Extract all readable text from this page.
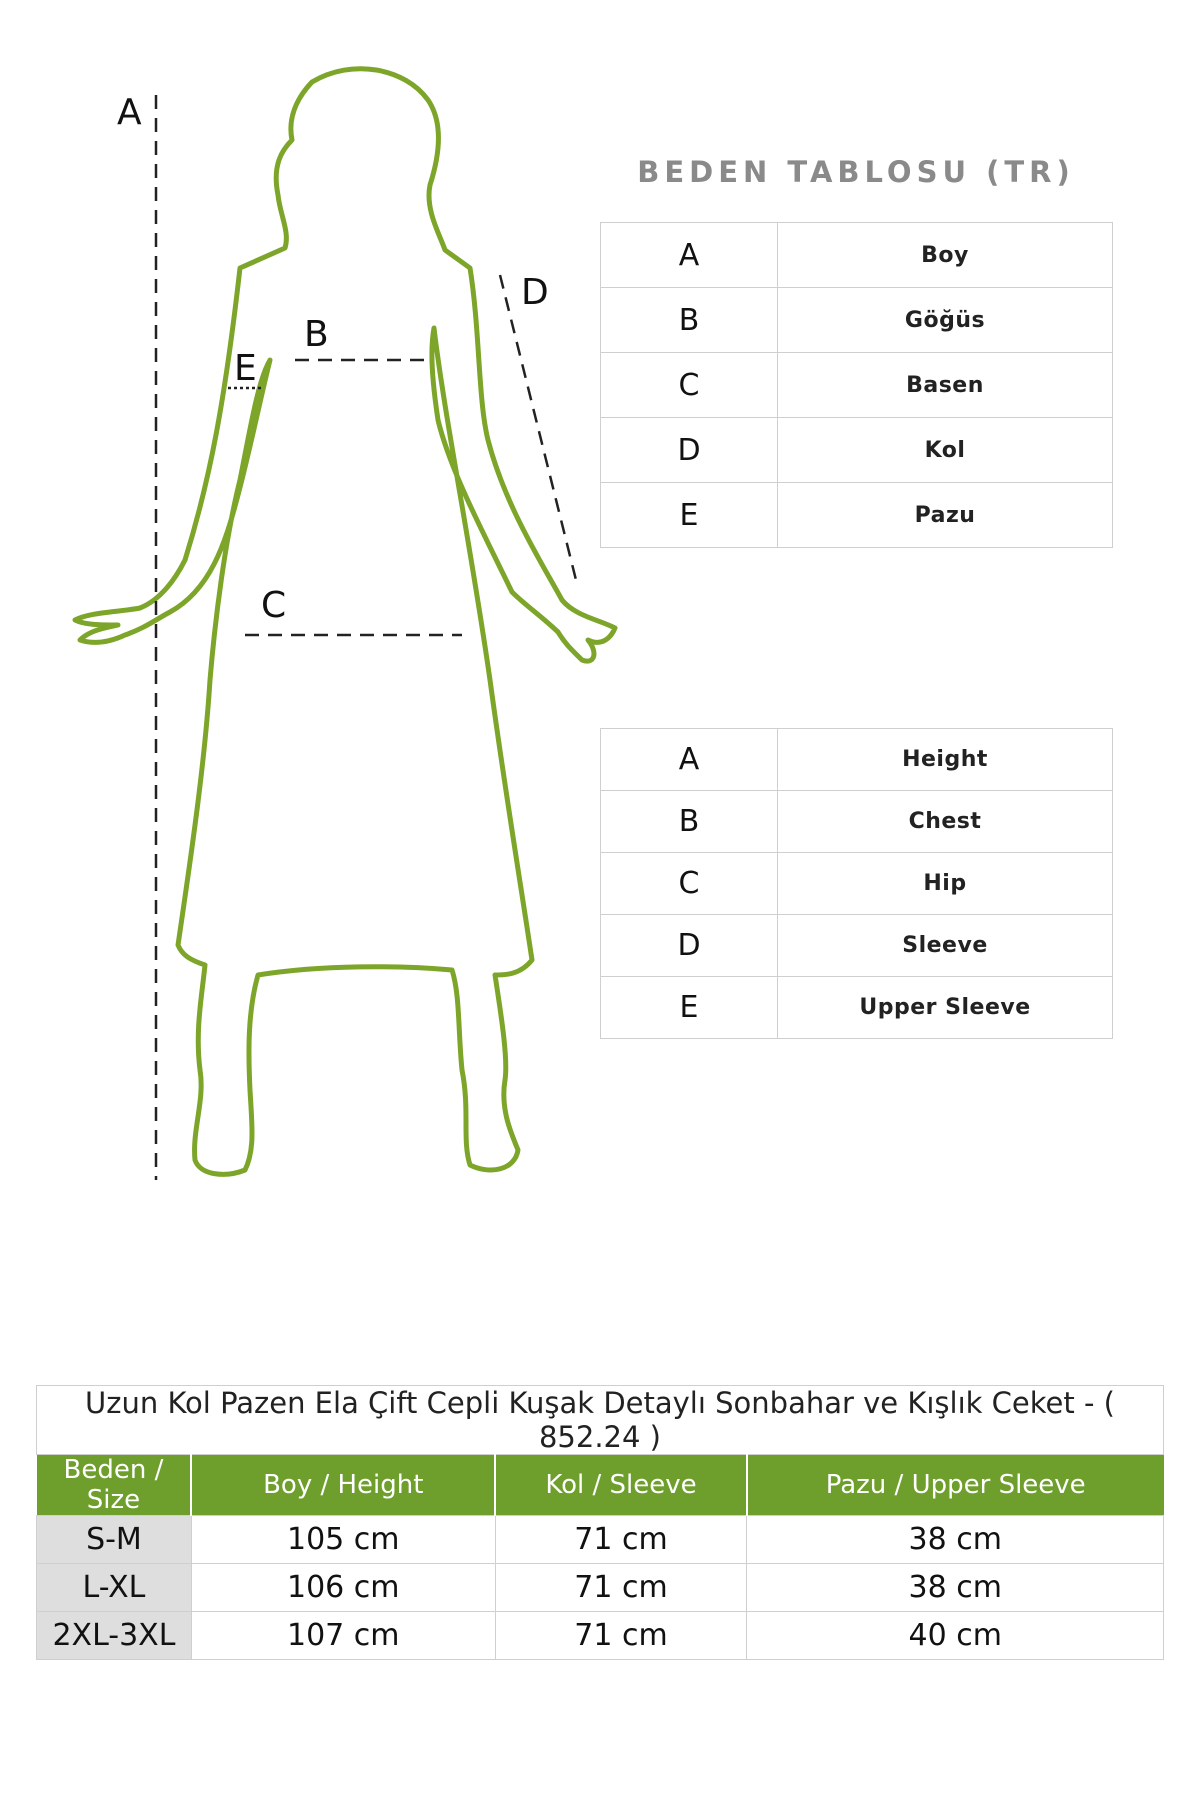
A
B
C
D
E
BEDEN TABLOSU (TR)
A	Boy
B	Göğüs
C	Basen
D	Kol
E	Pazu
A	Height
B	Chest
C	Hip
D	Sleeve
E	Upper Sleeve
Uzun Kol Pazen Ela Çift Cepli Kuşak Detaylı Sonbahar ve Kışlık Ceket - ( 852.24 )			
Beden / Size	Boy / Height	Kol / Sleeve	Pazu / Upper Sleeve
S-M	105 cm	71 cm	38 cm
L-XL	106 cm	71 cm	38 cm
2XL-3XL	107 cm	71 cm	40 cm
